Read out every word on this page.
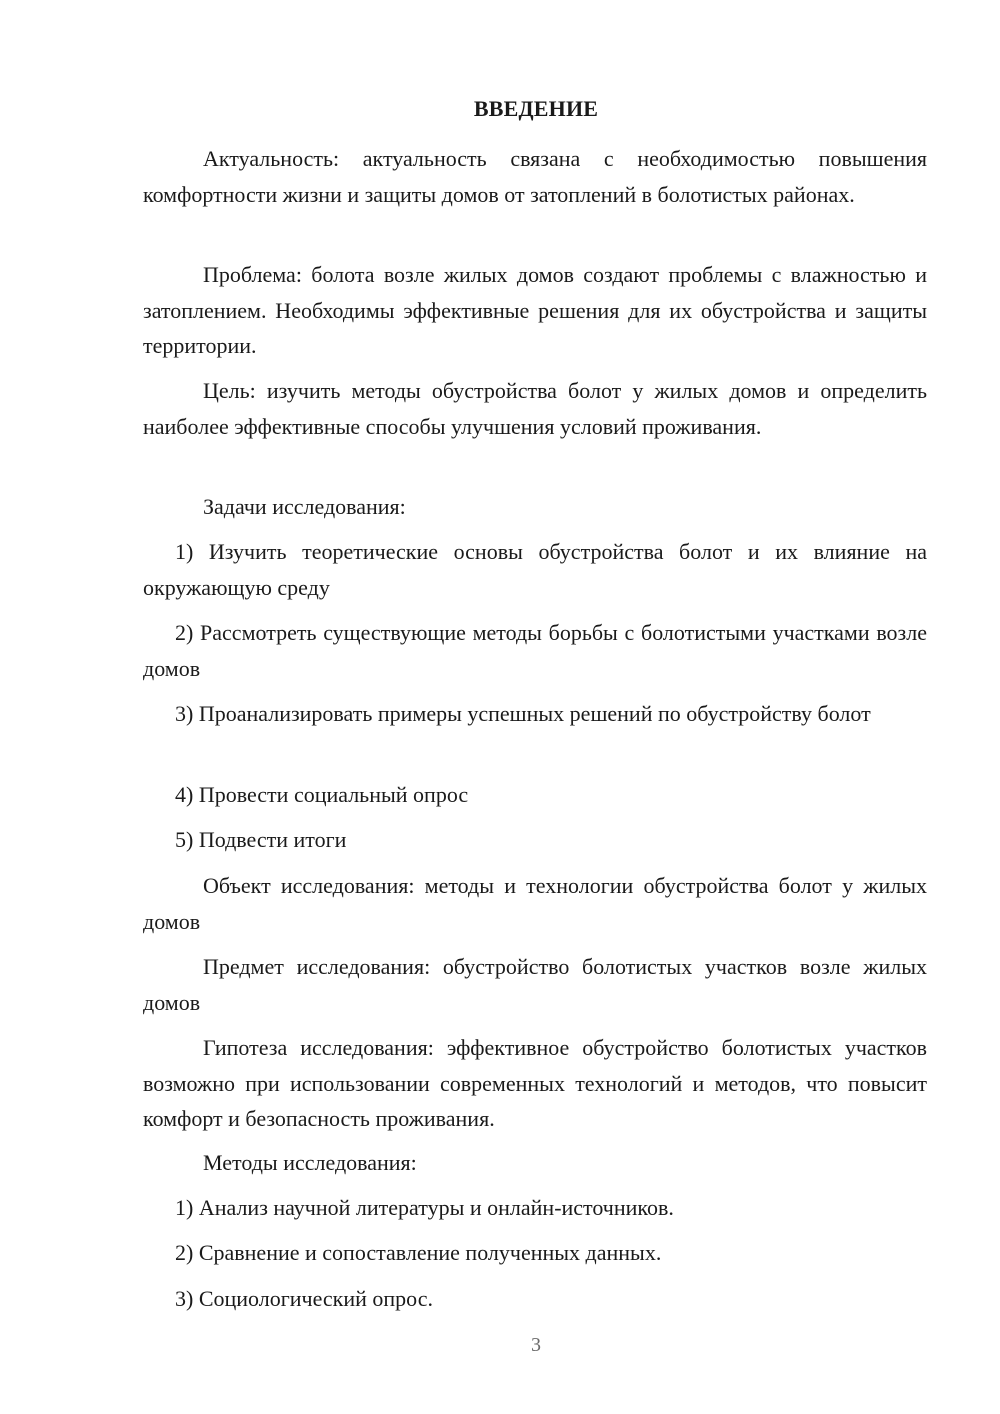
ВВЕДЕНИЕ

Актуальность: актуальность связана с необходимостью повышения комфортности жизни и защиты домов от затоплений в болотистых районах.

Проблема: болота возле жилых домов создают проблемы с влажностью и затоплением. Необходимы эффективные решения для их обустройства и защиты территории.

Цель: изучить методы обустройства болот у жилых домов и определить наиболее эффективные способы улучшения условий проживания.

Задачи исследования:

1) Изучить теоретические основы обустройства болот и их влияние на окружающую среду

2) Рассмотреть существующие методы борьбы с болотистыми участками возле домов

3) Проанализировать примеры успешных решений по обустройству болот

4) Провести социальный опрос

5) Подвести итоги

Объект исследования: методы и технологии обустройства болот у жилых домов

Предмет исследования: обустройство болотистых участков возле жилых домов

Гипотеза исследования: эффективное обустройство болотистых участков возможно при использовании современных технологий и методов, что повысит комфорт и безопасность проживания.

Методы исследования:

1) Анализ научной литературы и онлайн-источников.

2) Сравнение и сопоставление полученных данных.

3) Социологический опрос.

3
